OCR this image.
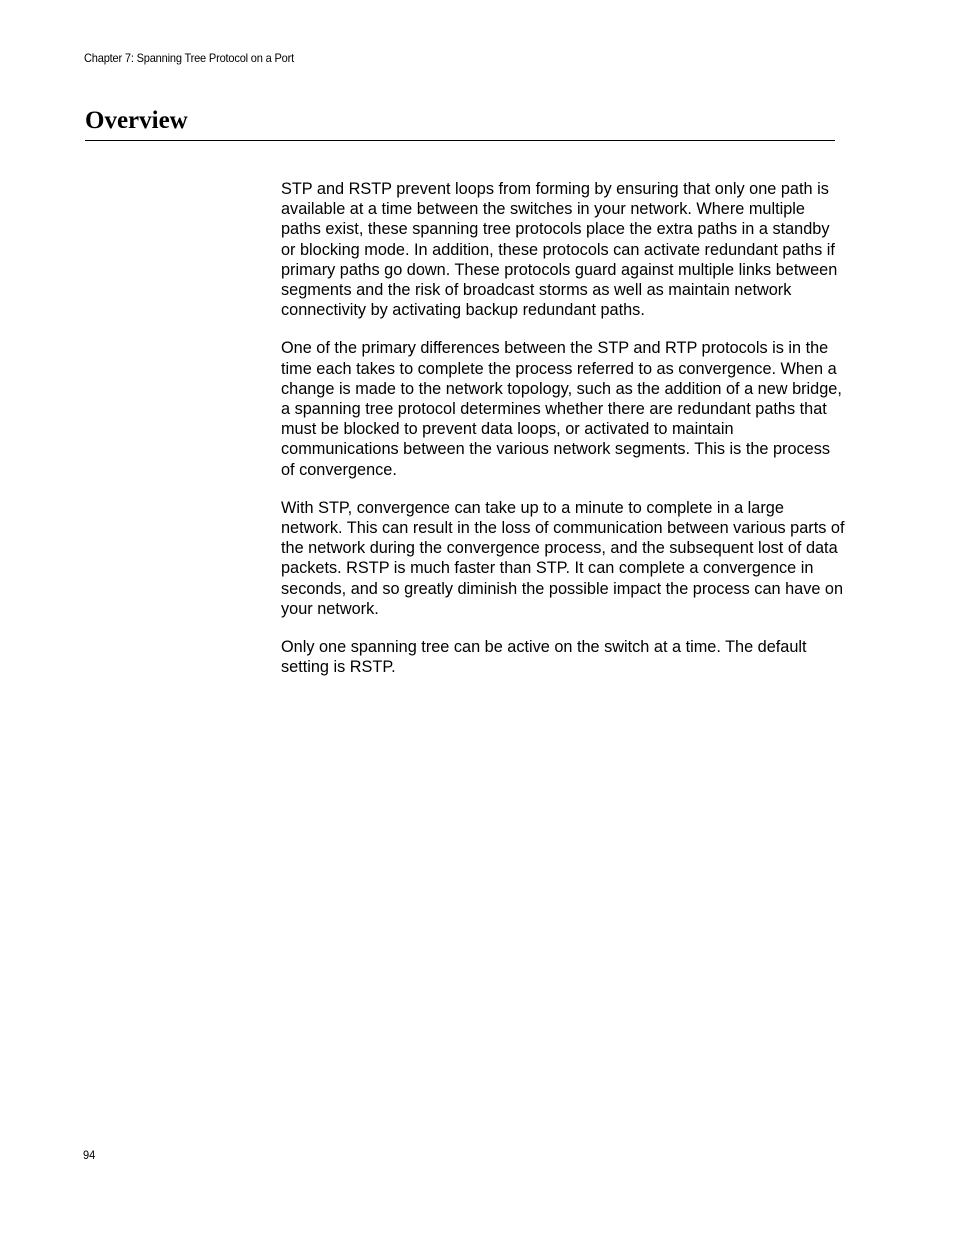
Chapter 7: Spanning Tree Protocol on a Port
Overview

STP and RSTP prevent loops from forming by ensuring that only one path is available at a time between the switches in your network. Where multiple paths exist, these spanning tree protocols place the extra paths in a standby or blocking mode. In addition, these protocols can activate redundant paths if primary paths go down. These protocols guard against multiple links between segments and the risk of broadcast storms as well as maintain network connectivity by activating backup redundant paths.

One of the primary differences between the STP and RTP protocols is in the time each takes to complete the process referred to as convergence. When a change is made to the network topology, such as the addition of a new bridge, a spanning tree protocol determines whether there are redundant paths that must be blocked to prevent data loops, or activated to maintain communications between the various network segments. This is the process of convergence.

With STP, convergence can take up to a minute to complete in a large network. This can result in the loss of communication between various parts of the network during the convergence process, and the subsequent lost of data packets. RSTP is much faster than STP. It can complete a convergence in seconds, and so greatly diminish the possible impact the process can have on your network.

Only one spanning tree can be active on the switch at a time. The default setting is RSTP.

94
